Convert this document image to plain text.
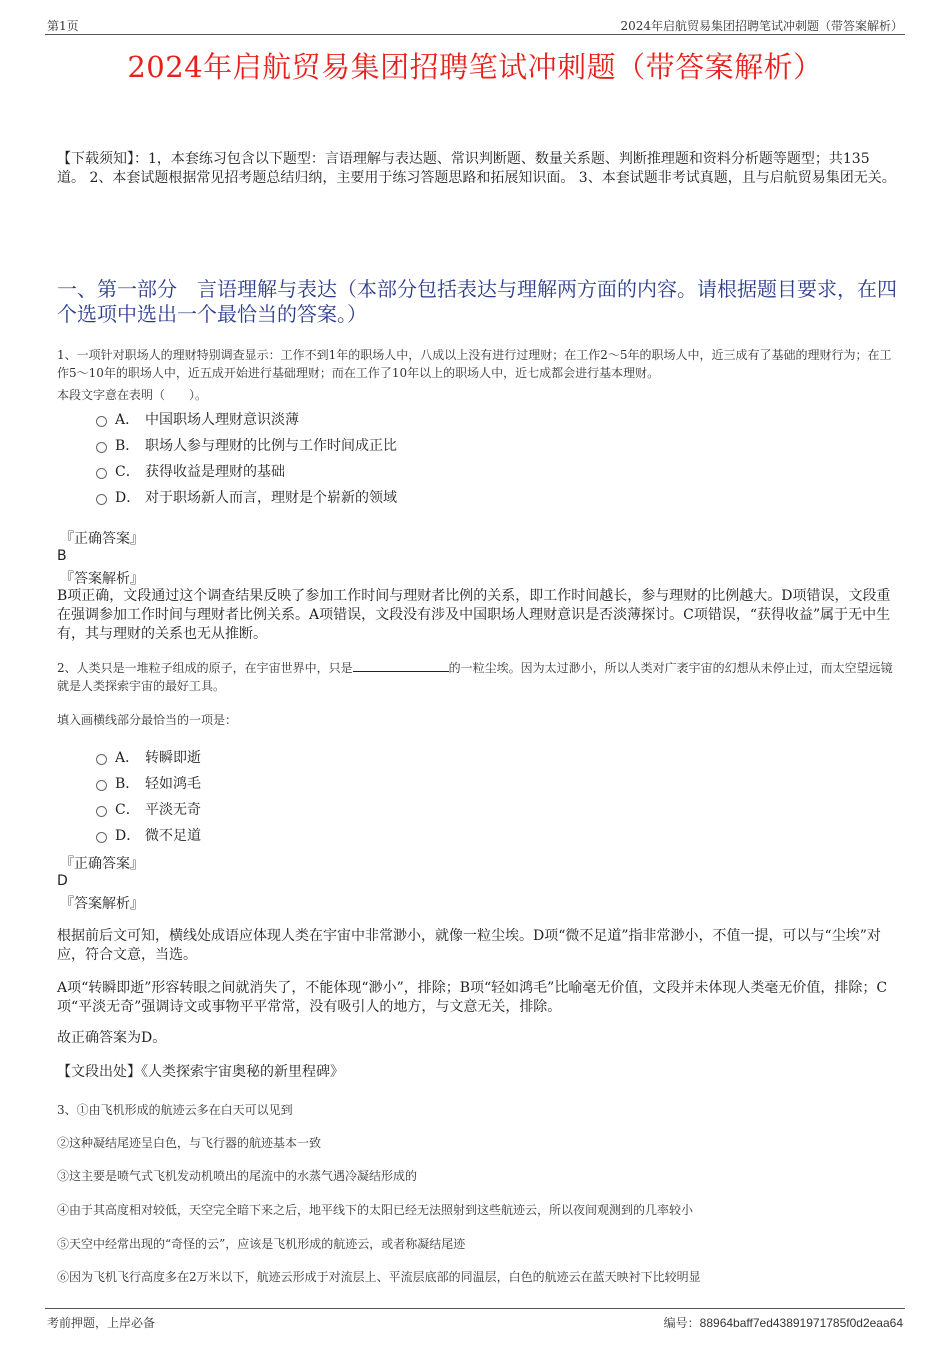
第1页	2024年启航贸易集团招聘笔试冲刺题（带答案解析）
2024年启航贸易集团招聘笔试冲刺题（带答案解析）
【下载须知】：1，本套练习包含以下题型：言语理解与表达题、常识判断题、数量关系题、判断推理题和资料分析题等题型；共135道。 2、本套试题根据常见招考题总结归纳，主要用于练习答题思路和拓展知识面。 3、本套试题非考试真题，且与启航贸易集团无关。
一、第一部分　言语理解与表达（本部分包括表达与理解两方面的内容。请根据题目要求，在四个选项中选出一个最恰当的答案。）
1、一项针对职场人的理财特别调查显示：工作不到1年的职场人中，八成以上没有进行过理财；在工作2～5年的职场人中，近三成有了基础的理财行为；在工作5～10年的职场人中，近五成开始进行基础理财；而在工作了10年以上的职场人中，近七成都会进行基本理财。
本段文字意在表明（　　）。
A． 中国职场人理财意识淡薄
B． 职场人参与理财的比例与工作时间成正比
C． 获得收益是理财的基础
D． 对于职场新人而言，理财是个崭新的领域
『正确答案』
B
『答案解析』
B项正确，文段通过这个调查结果反映了参加工作时间与理财者比例的关系，即工作时间越长，参与理财的比例越大。D项错误，文段重在强调参加工作时间与理财者比例关系。A项错误，文段没有涉及中国职场人理财意识是否淡薄探讨。C项错误，“获得收益”属于无中生有，其与理财的关系也无从推断。
2、人类只是一堆粒子组成的原子，在宇宙世界中，只是	的一粒尘埃。因为太过渺小，所以人类对广袤宇宙的幻想从未停止过，而太空望远镜就是人类探索宇宙的最好工具。
填入画横线部分最恰当的一项是：
A． 转瞬即逝
B． 轻如鸿毛
C． 平淡无奇
D． 微不足道
『正确答案』
D
『答案解析』
根据前后文可知，横线处成语应体现人类在宇宙中非常渺小，就像一粒尘埃。D项“微不足道”指非常渺小，不值一提，可以与“尘埃”对应，符合文意，当选。
A项“转瞬即逝”形容转眼之间就消失了，不能体现“渺小”，排除；B项“轻如鸿毛”比喻毫无价值，文段并未体现人类毫无价值，排除；C项“平淡无奇”强调诗文或事物平平常常，没有吸引人的地方，与文意无关，排除。
故正确答案为D。
【文段出处】《人类探索宇宙奥秘的新里程碑》
3、①由飞机形成的航迹云多在白天可以见到
②这种凝结尾迹呈白色，与飞行器的航迹基本一致
③这主要是喷气式飞机发动机喷出的尾流中的水蒸气遇冷凝结形成的
④由于其高度相对较低，天空完全暗下来之后，地平线下的太阳已经无法照射到这些航迹云，所以夜间观测到的几率较小
⑤天空中经常出现的“奇怪的云”，应该是飞机形成的航迹云，或者称凝结尾迹
⑥因为飞机飞行高度多在2万米以下，航迹云形成于对流层上、平流层底部的同温层，白色的航迹云在蓝天映衬下比较明显
考前押题，上岸必备	编号：88964baff7ed43891971785f0d2eaa64
